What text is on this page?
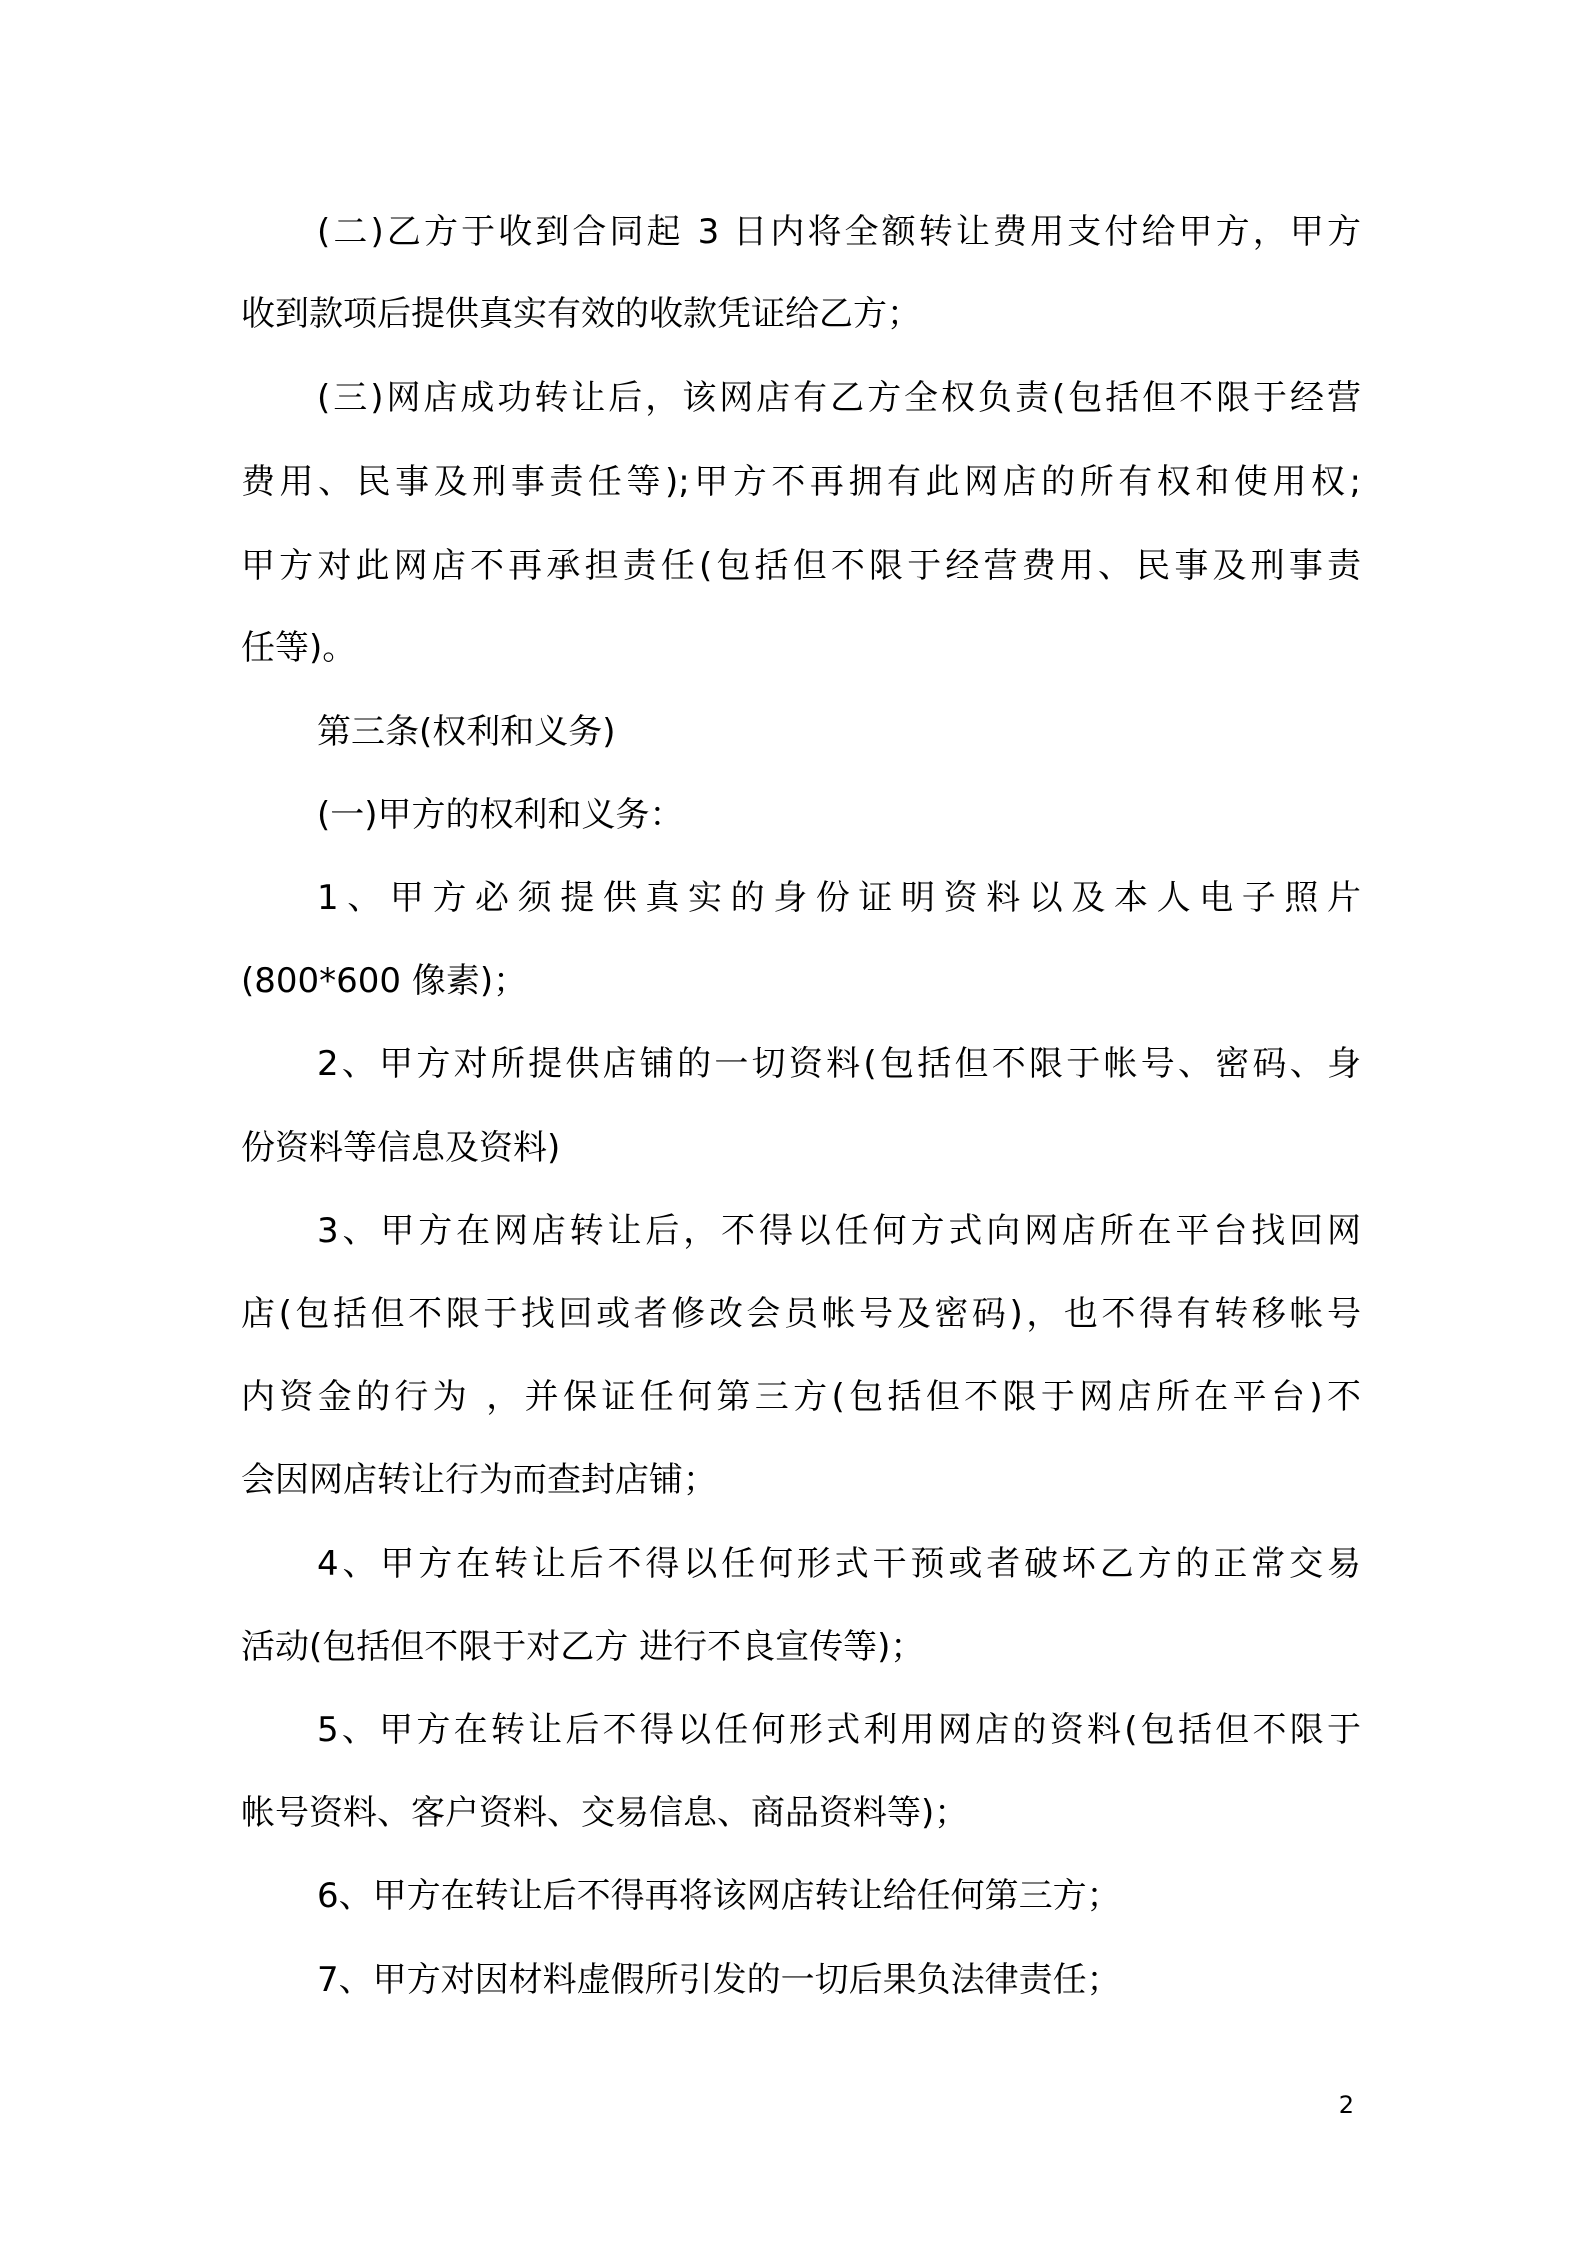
(二)乙方于收到合同起 3 日内将全额转让费用支付给甲方，甲方
收到款项后提供真实有效的收款凭证给乙方；
(三)网店成功转让后，该网店有乙方全权负责(包括但不限于经营
费用、民事及刑事责任等);甲方不再拥有此网店的所有权和使用权;
甲方对此网店不再承担责任(包括但不限于经营费用、民事及刑事责
任等)。
第三条(权利和义务)
(一)甲方的权利和义务：
1、甲方必须提供真实的身份证明资料以及本人电子照片
(800*600 像素)；
2、甲方对所提供店铺的一切资料(包括但不限于帐号、密码、身
份资料等信息及资料)
3、甲方在网店转让后，不得以任何方式向网店所在平台找回网
店(包括但不限于找回或者修改会员帐号及密码)，也不得有转移帐号
内资金的行为 ，并保证任何第三方(包括但不限于网店所在平台)不
会因网店转让行为而查封店铺；
4、甲方在转让后不得以任何形式干预或者破坏乙方的正常交易
活动(包括但不限于对乙方 进行不良宣传等)；
5、甲方在转让后不得以任何形式利用网店的资料(包括但不限于
帐号资料、客户资料、交易信息、商品资料等)；
6、甲方在转让后不得再将该网店转让给任何第三方；
7、甲方对因材料虚假所引发的一切后果负法律责任；
2
